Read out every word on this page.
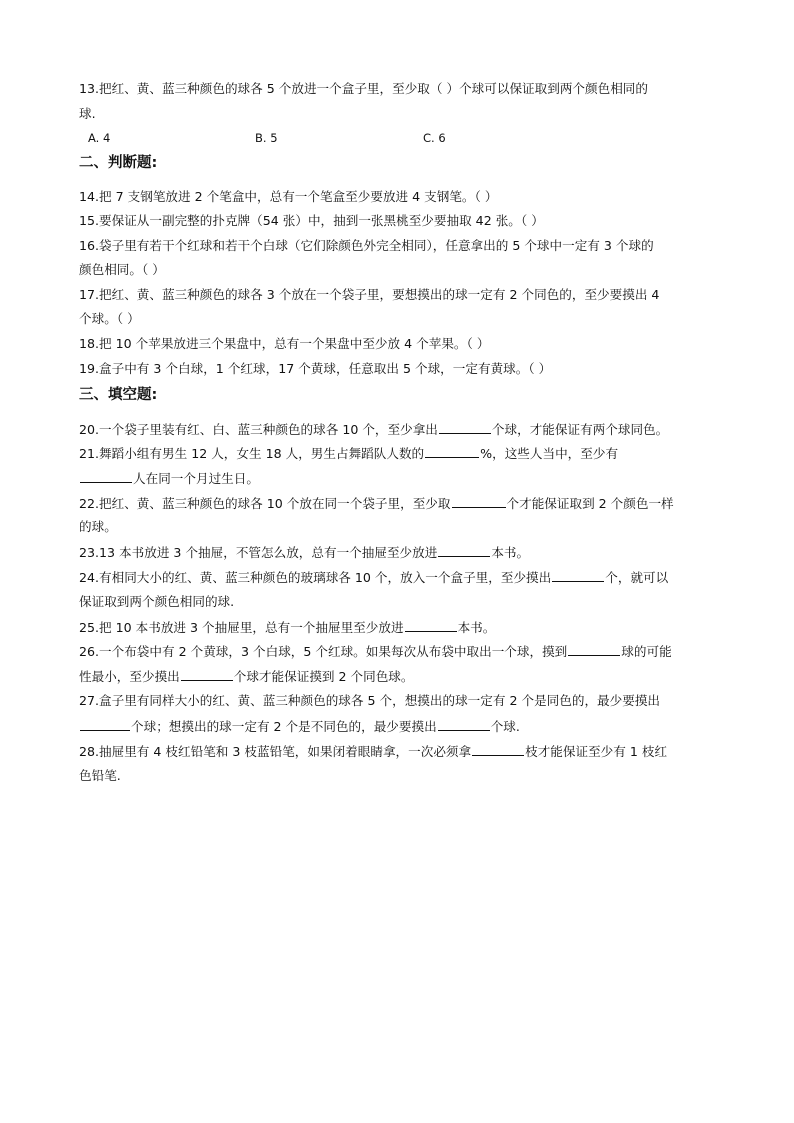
13.把红、黄、蓝三种颜色的球各 5 个放进一个盒子里，至少取（ ）个球可以保证取到两个颜色相同的
球.
A. 4	B. 5	C. 6
二、判断题:
14.把 7 支钢笔放进 2 个笔盒中，总有一个笔盒至少要放进 4 支钢笔。（ ）
15.要保证从一副完整的扑克牌（54 张）中，抽到一张黑桃至少要抽取 42 张。（ ）
16.袋子里有若干个红球和若干个白球（它们除颜色外完全相同），任意拿出的 5 个球中一定有 3 个球的
颜色相同。（ ）
17.把红、黄、蓝三种颜色的球各 3 个放在一个袋子里，要想摸出的球一定有 2 个同色的，至少要摸出 4
个球。（ ）
18.把 10 个苹果放进三个果盘中，总有一个果盘中至少放 4 个苹果。（ ）
19.盒子中有 3 个白球，1 个红球，17 个黄球，任意取出 5 个球，一定有黄球。（ ）
三、填空题:
20.一个袋子里装有红、白、蓝三种颜色的球各 10 个，至少拿出	个球，才能保证有两个球同色。
21.舞蹈小组有男生 12 人，女生 18 人，男生占舞蹈队人数的	%，这些人当中，至少有
人在同一个月过生日。
22.把红、黄、蓝三种颜色的球各 10 个放在同一个袋子里，至少取	个才能保证取到 2 个颜色一样
的球。
23.13 本书放进 3 个抽屉，不管怎么放，总有一个抽屉至少放进	本书。
24.有相同大小的红、黄、蓝三种颜色的玻璃球各 10 个，放入一个盒子里，至少摸出	个，就可以
保证取到两个颜色相同的球.
25.把 10 本书放进 3 个抽屉里，总有一个抽屉里至少放进	本书。
26.一个布袋中有 2 个黄球，3 个白球，5 个红球。如果每次从布袋中取出一个球，摸到	球的可能
性最小，至少摸出	个球才能保证摸到 2 个同色球。
27.盒子里有同样大小的红、黄、蓝三种颜色的球各 5 个，想摸出的球一定有 2 个是同色的，最少要摸出
个球；想摸出的球一定有 2 个是不同色的，最少要摸出	个球.
28.抽屉里有 4 枝红铅笔和 3 枝蓝铅笔，如果闭着眼睛拿，一次必须拿	枝才能保证至少有 1 枝红
色铅笔.
